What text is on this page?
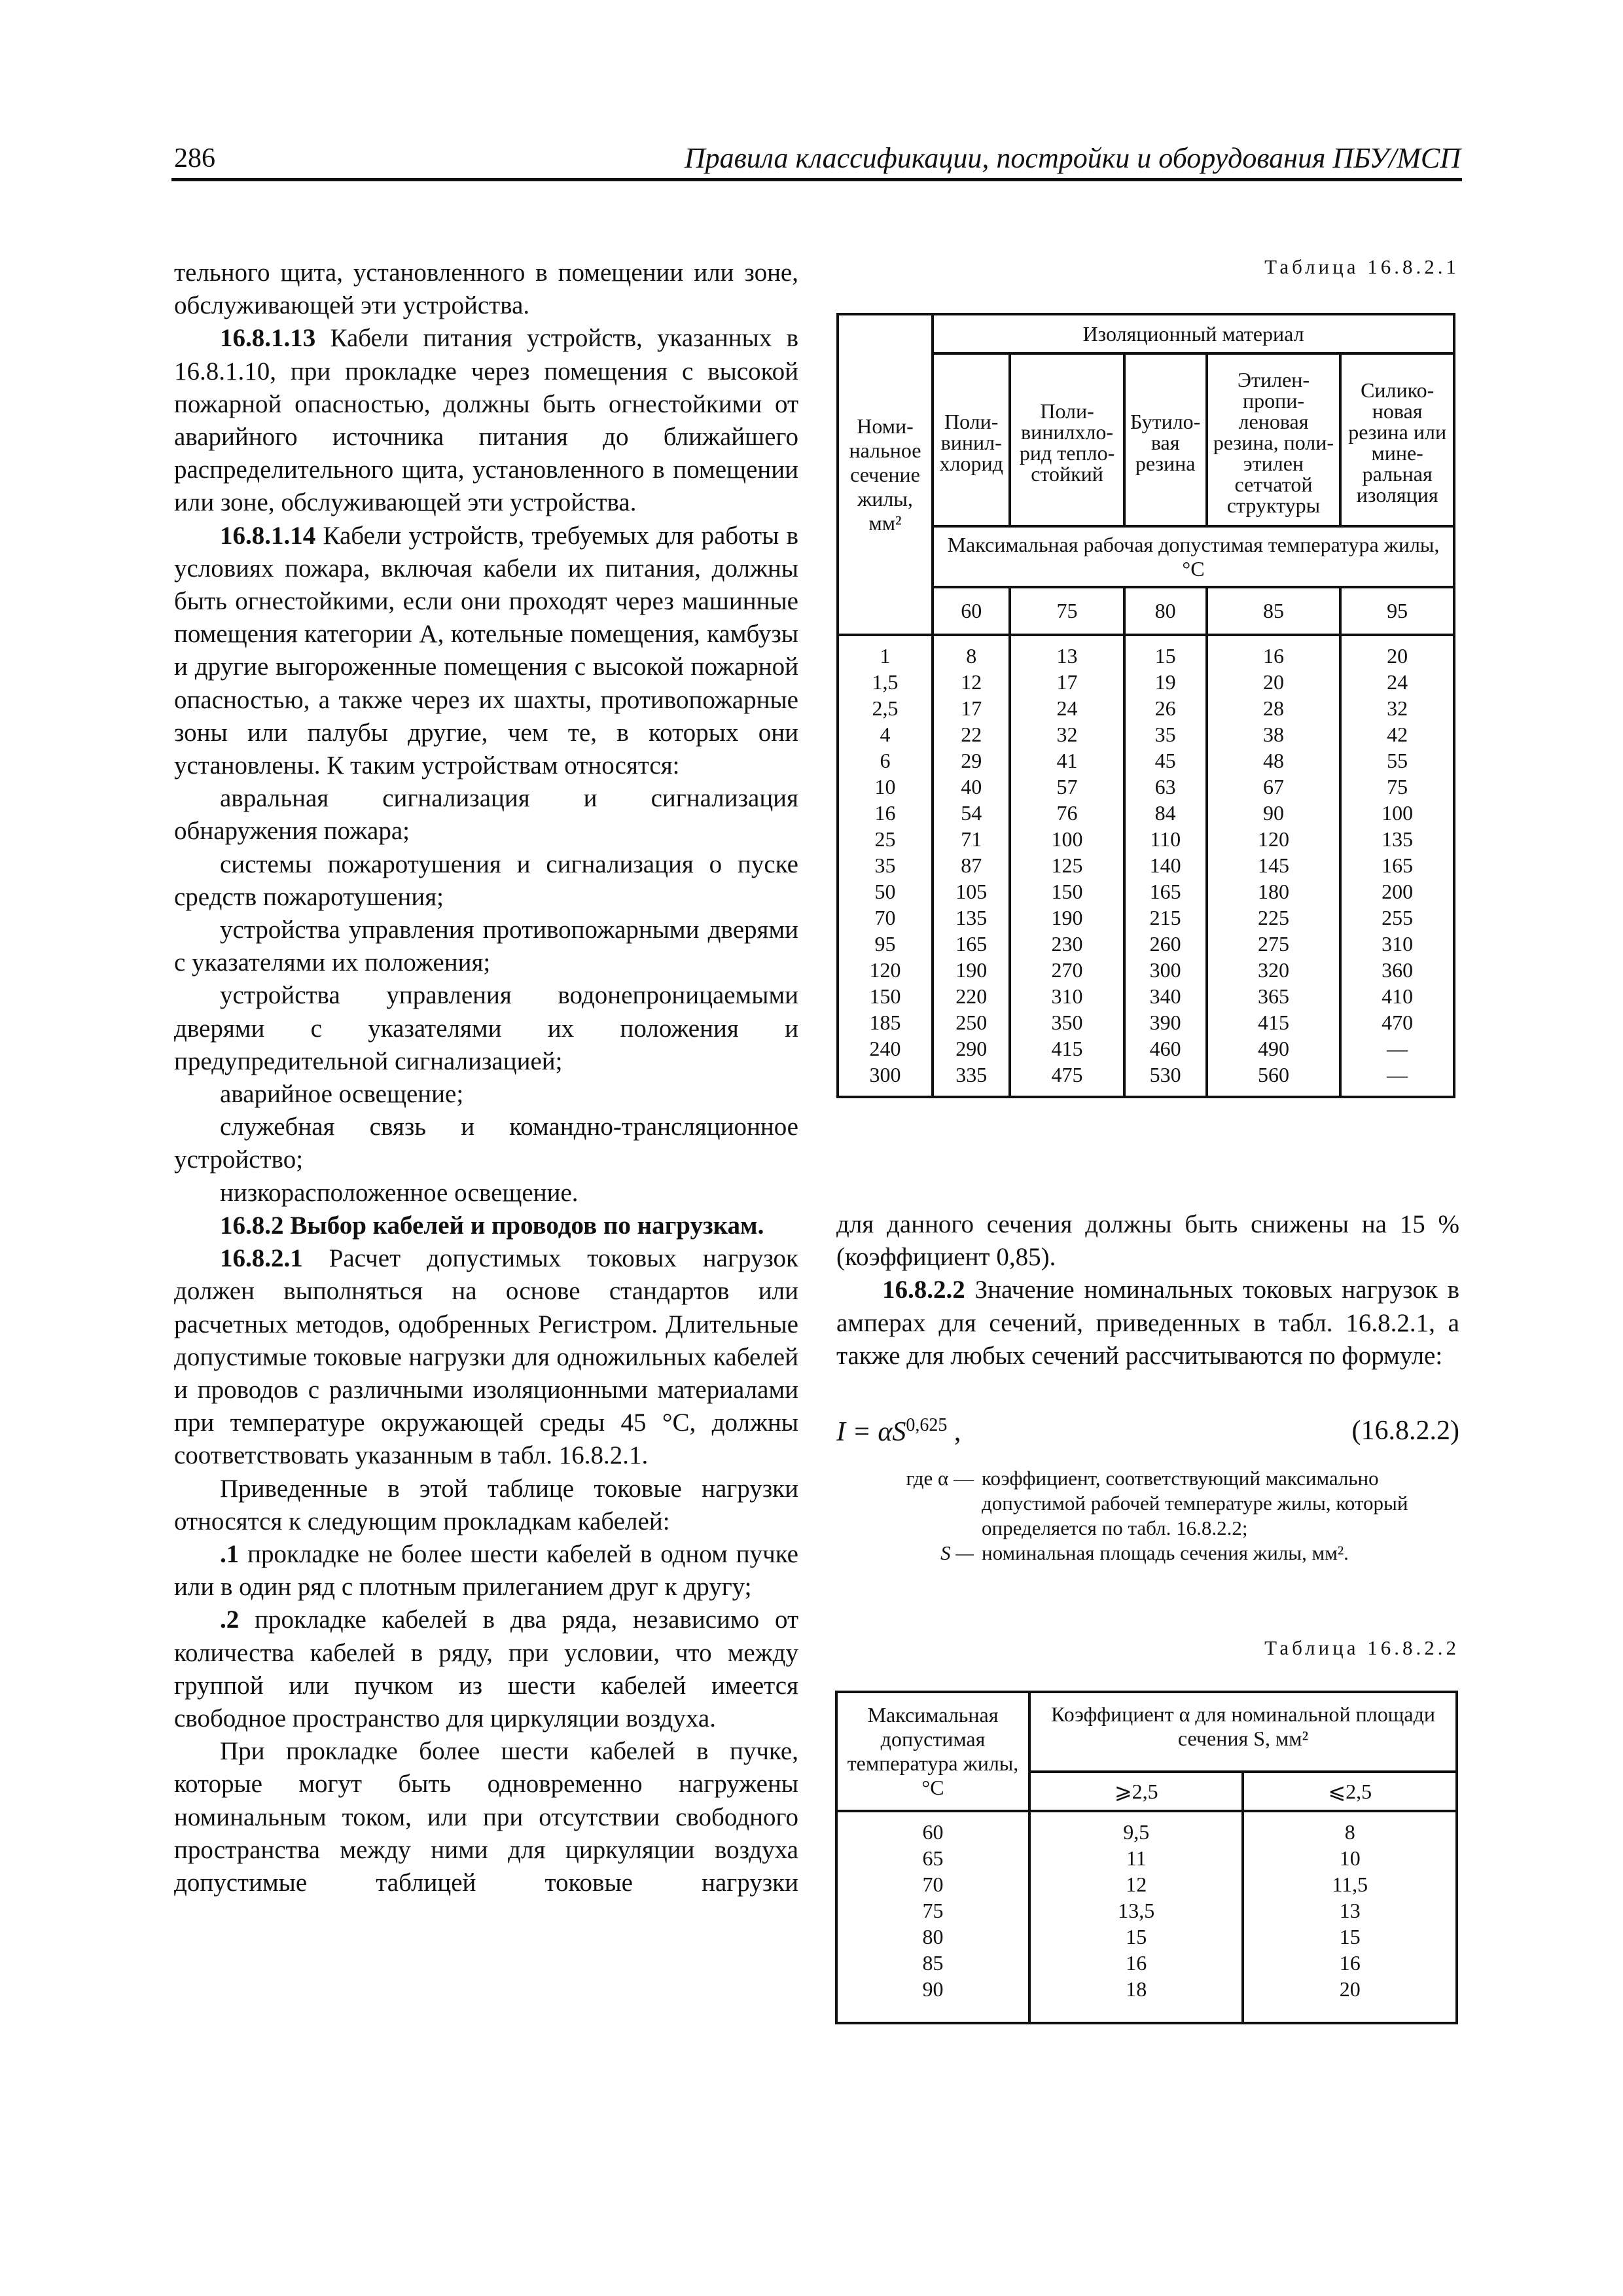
286	Правила классификации, постройки и оборудования ПБУ/МСП

тельного щита, установленного в помещении или зоне, обслуживающей эти устройства.

16.8.1.13 Кабели питания устройств, указанных в 16.8.1.10, при прокладке через помещения с высокой пожарной опасностью, должны быть огнестойкими от аварийного источника питания до ближайшего распределительного щита, установленного в помещении или зоне, обслуживающей эти устройства.

16.8.1.14 Кабели устройств, требуемых для работы в условиях пожара, включая кабели их питания, должны быть огнестойкими, если они проходят через машинные помещения категории А, котельные помещения, камбузы и другие выгороженные помещения с высокой пожарной опасностью, а также через их шахты, противопожарные зоны или палубы другие, чем те, в которых они установлены. К таким устройствам относятся:

авральная сигнализация и сигнализация обнаружения пожара;

системы пожаротушения и сигнализация о пуске средств пожаротушения;

устройства управления противопожарными дверями с указателями их положения;

устройства управления водонепроницаемыми дверями с указателями их положения и предупредительной сигнализацией;

аварийное освещение;

служебная связь и командно-трансляционное устройство;

низкорасположенное освещение.

16.8.2 Выбор кабелей и проводов по нагрузкам.

16.8.2.1 Расчет допустимых токовых нагрузок должен выполняться на основе стандартов или расчетных методов, одобренных Регистром. Длительные допустимые токовые нагрузки для одножильных кабелей и проводов с различными изоляционными материалами при температуре окружающей среды 45 °C, должны соответствовать указанным в табл. 16.8.2.1.

Приведенные в этой таблице токовые нагрузки относятся к следующим прокладкам кабелей:

.1 прокладке не более шести кабелей в одном пучке или в один ряд с плотным прилеганием друг к другу;

.2 прокладке кабелей в два ряда, независимо от количества кабелей в ряду, при условии, что между группой или пучком из шести кабелей имеется свободное пространство для циркуляции воздуха.

При прокладке более шести кабелей в пучке, которые могут быть одновременно нагружены номинальным током, или при отсутствии свободного пространства между ними для циркуляции воздуха допустимые таблицей токовые нагрузки

Таблица 16.8.2.1
Номи-нальное сечение жилы, мм²	Изоляционный материал				
	Поли-винил-хлорид	Поли-винилхло-рид тепло-стойкий	Бутило-вая резина	Этилен-пропи-леновая резина, поли-этилен сетчатой структуры	Силико-новая резина или мине-ральная изоляция
	Максимальная рабочая допустимая температура жилы, °С				
	60	75	80	85	95
1	8	13	15	16	20
1,5	12	17	19	20	24
2,5	17	24	26	28	32
4	22	32	35	38	42
6	29	41	45	48	55
10	40	57	63	67	75
16	54	76	84	90	100
25	71	100	110	120	135
35	87	125	140	145	165
50	105	150	165	180	200
70	135	190	215	225	255
95	165	230	260	275	310
120	190	270	300	320	360
150	220	310	340	365	410
185	250	350	390	415	470
240	290	415	460	490	—
300	335	475	530	560	—

для данного сечения должны быть снижены на 15 % (коэффициент 0,85).

16.8.2.2 Значение номинальных токовых нагрузок в амперах для сечений, приведенных в табл. 16.8.2.1, а также для любых сечений рассчитываются по формуле:

I = αS$^{0,625}$ ,	(16.8.2.2)
где α — коэффициент, соответствующий максимально допустимой рабочей температуре жилы, который определяется по табл. 16.8.2.2;
S — номинальная площадь сечения жилы, мм².
Таблица 16.8.2.2
Максимальная допустимая температура жилы, °С	Коэффициент α для номинальной площади сечения S, мм²	
	⩾2,5	⩽2,5
60	9,5	8
65	11	10
70	12	11,5
75	13,5	13
80	15	15
85	16	16
90	18	20
